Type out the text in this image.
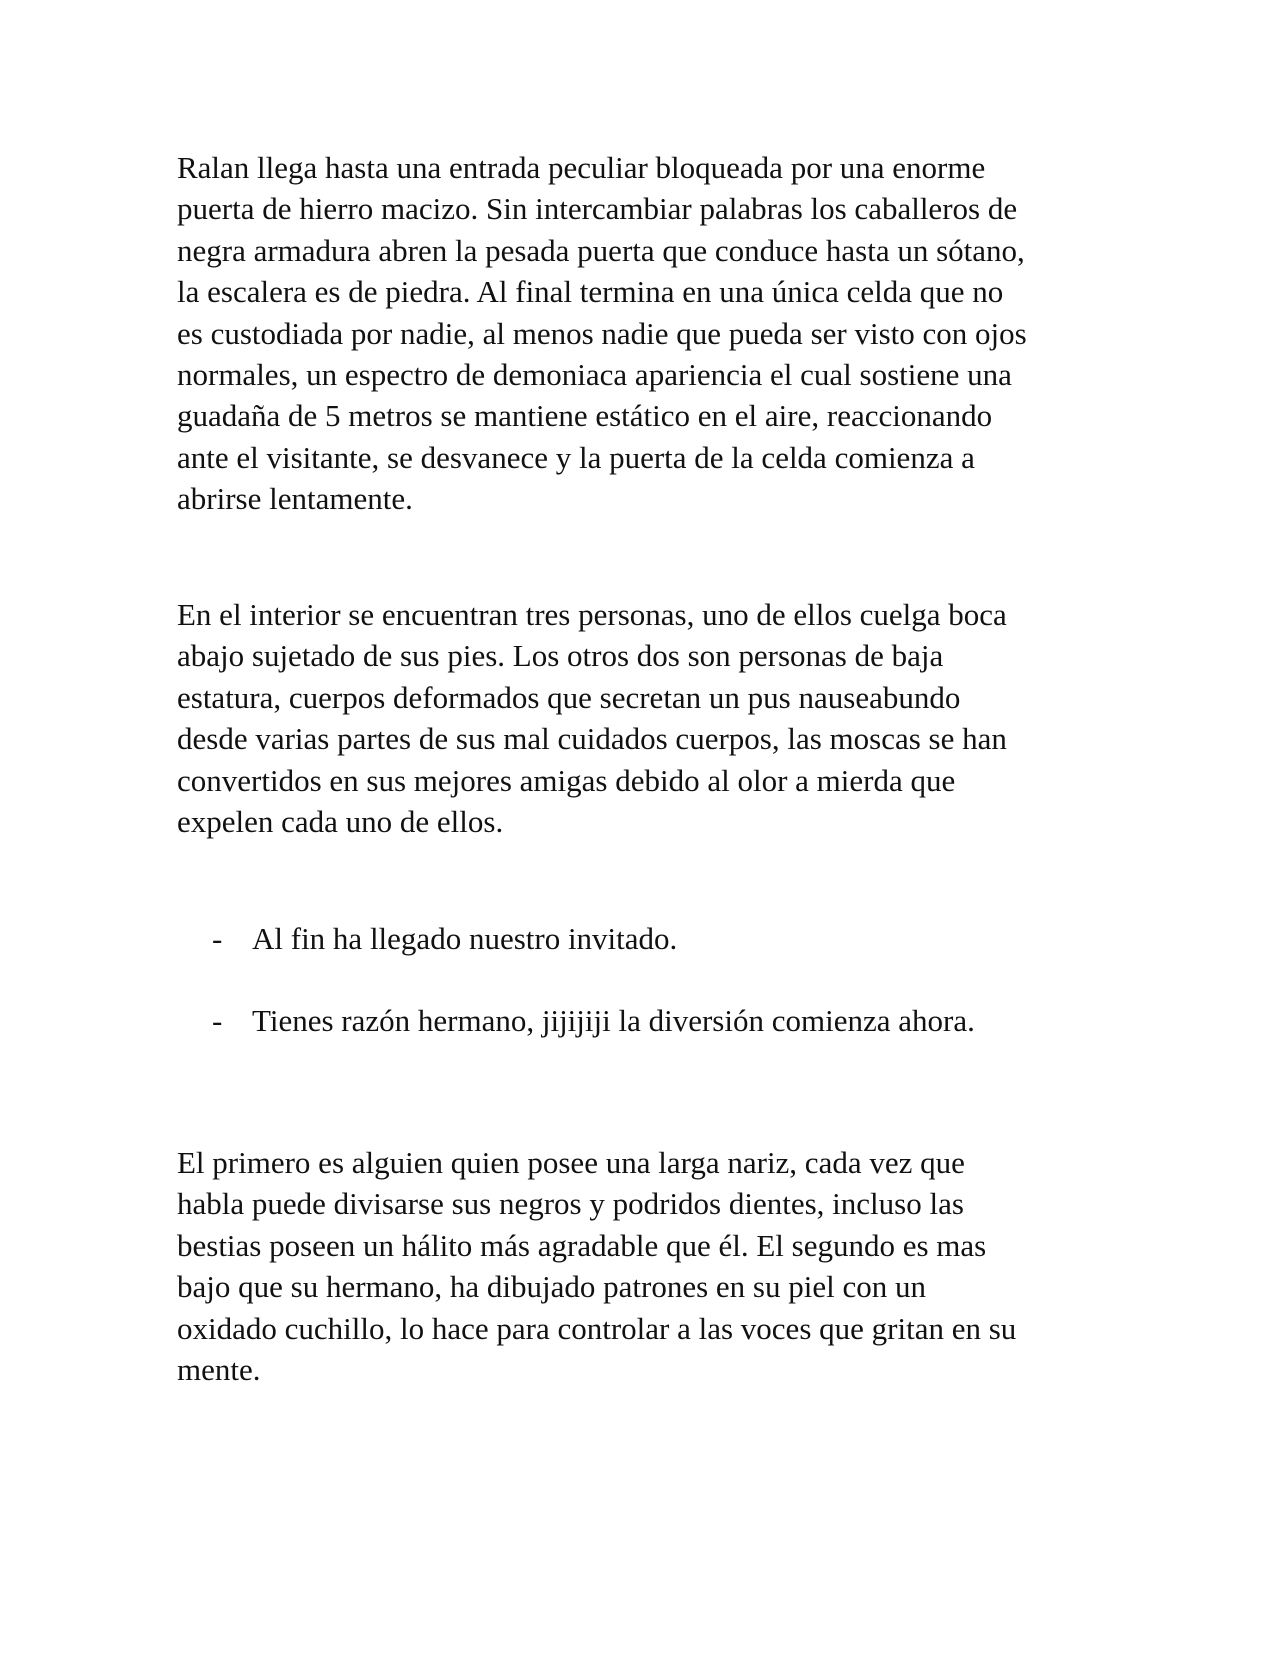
Ralan llega hasta una entrada peculiar bloqueada por una enorme
puerta de hierro macizo. Sin intercambiar palabras los caballeros de
negra armadura abren la pesada puerta que conduce hasta un sótano,
la escalera es de piedra. Al final termina en una única celda que no
es custodiada por nadie, al menos nadie que pueda ser visto con ojos
normales, un espectro de demoniaca apariencia el cual sostiene una
guadaña de 5 metros se mantiene estático en el aire, reaccionando
ante el visitante, se desvanece y la puerta de la celda comienza a
abrirse lentamente.

En el interior se encuentran tres personas, uno de ellos cuelga boca
abajo sujetado de sus pies. Los otros dos son personas de baja
estatura, cuerpos deformados que secretan un pus nauseabundo
desde varias partes de sus mal cuidados cuerpos, las moscas se han
convertidos en sus mejores amigas debido al olor a mierda que
expelen cada uno de ellos.

- Al fin ha llegado nuestro invitado.
- Tienes razón hermano, jijijiji la diversión comienza ahora.

El primero es alguien quien posee una larga nariz, cada vez que
habla puede divisarse sus negros y podridos dientes, incluso las
bestias poseen un hálito más agradable que él. El segundo es mas
bajo que su hermano, ha dibujado patrones en su piel con un
oxidado cuchillo, lo hace para controlar a las voces que gritan en su
mente.
